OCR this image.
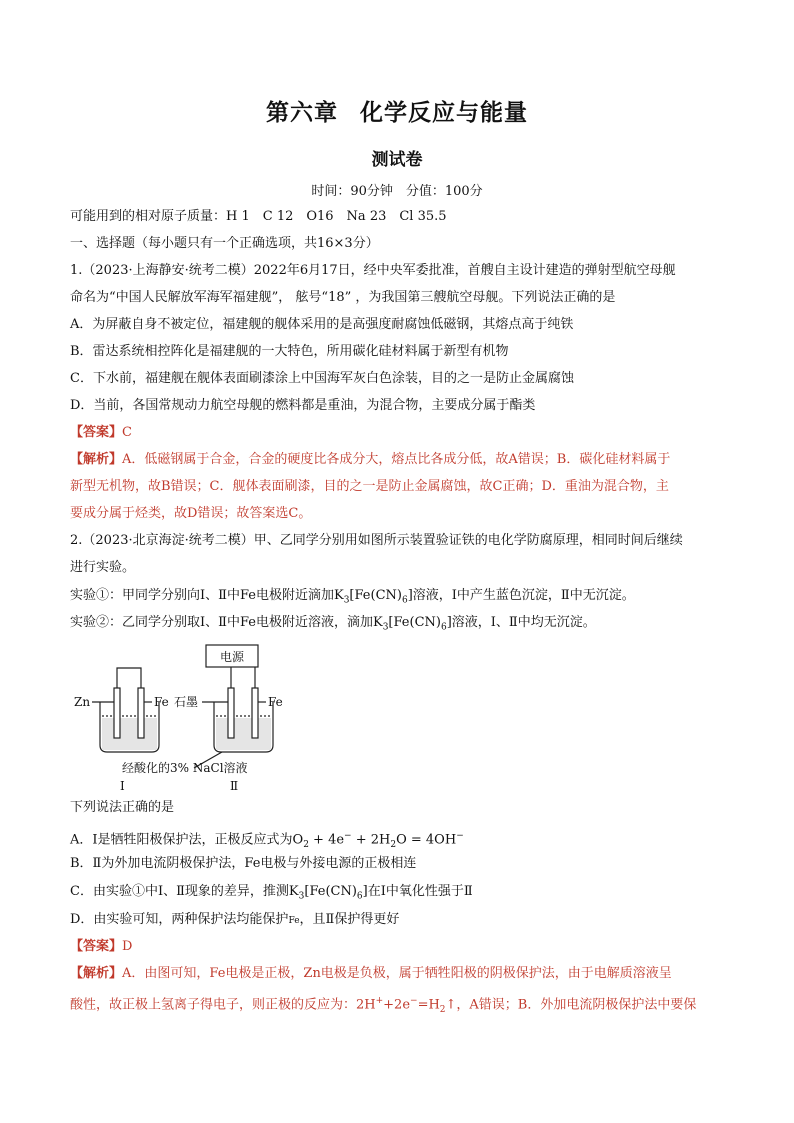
第六章 化学反应与能量
测试卷
时间：90分钟　分值：100分
可能用到的相对原子质量：H 1　C 12　O16　Na 23　Cl 35.5
一、选择题（每小题只有一个正确选项，共16×3分）
1.（2023·上海静安·统考二模）2022年6月17日，经中央军委批准，首艘自主设计建造的弹射型航空母舰
命名为“中国人民解放军海军福建舰”， 舷号“18” ，为我国第三艘航空母舰。下列说法正确的是
A．为屏蔽自身不被定位，福建舰的舰体采用的是高强度耐腐蚀低磁钢，其熔点高于纯铁
B．雷达系统相控阵化是福建舰的一大特色，所用碳化硅材料属于新型有机物
C．下水前，福建舰在舰体表面刷漆涂上中国海军灰白色涂装，目的之一是防止金属腐蚀
D．当前，各国常规动力航空母舰的燃料都是重油，为混合物，主要成分属于酯类
【答案】C
【解析】A．低磁钢属于合金，合金的硬度比各成分大，熔点比各成分低，故A错误；B．碳化硅材料属于
新型无机物，故B错误；C．舰体表面刷漆，目的之一是防止金属腐蚀，故C正确；D．重油为混合物，主
要成分属于烃类，故D错误；故答案选C。
2.（2023·北京海淀·统考二模）甲、乙同学分别用如图所示装置验证铁的电化学防腐原理，相同时间后继续
进行实验。
实验①：甲同学分别向Ⅰ、Ⅱ中Fe电极附近滴加$K_3[Fe(CN)_6]$溶液，Ⅰ中产生蓝色沉淀，Ⅱ中无沉淀。
实验②：乙同学分别取Ⅰ、Ⅱ中Fe电极附近溶液，滴加$K_3[Fe(CN)_6]$溶液，Ⅰ、Ⅱ中均无沉淀。
电源
Zn	Fe 石墨	Fe
经酸化的3% NaCl溶液
Ⅰ	Ⅱ
下列说法正确的是
A．Ⅰ是牺牲阳极保护法，正极反应式为$O_2 + 4e^- + 2H_2O = 4OH^-$
B．Ⅱ为外加电流阴极保护法，Fe电极与外接电源的正极相连
C．由实验①中Ⅰ、Ⅱ现象的差异，推测$K_3[Fe(CN)_6]$在Ⅰ中氧化性强于Ⅱ
D．由实验可知，两种保护法均能保护Fe，且Ⅱ保护得更好
【答案】D
【解析】A．由图可知，Fe电极是正极，Zn电极是负极，属于牺牲阳极的阴极保护法，由于电解质溶液呈
酸性，故正极上氢离子得电子，则正极的反应为：$2H^++2e^-=H_2↑$，A错误；B．外加电流阴极保护法中要保
